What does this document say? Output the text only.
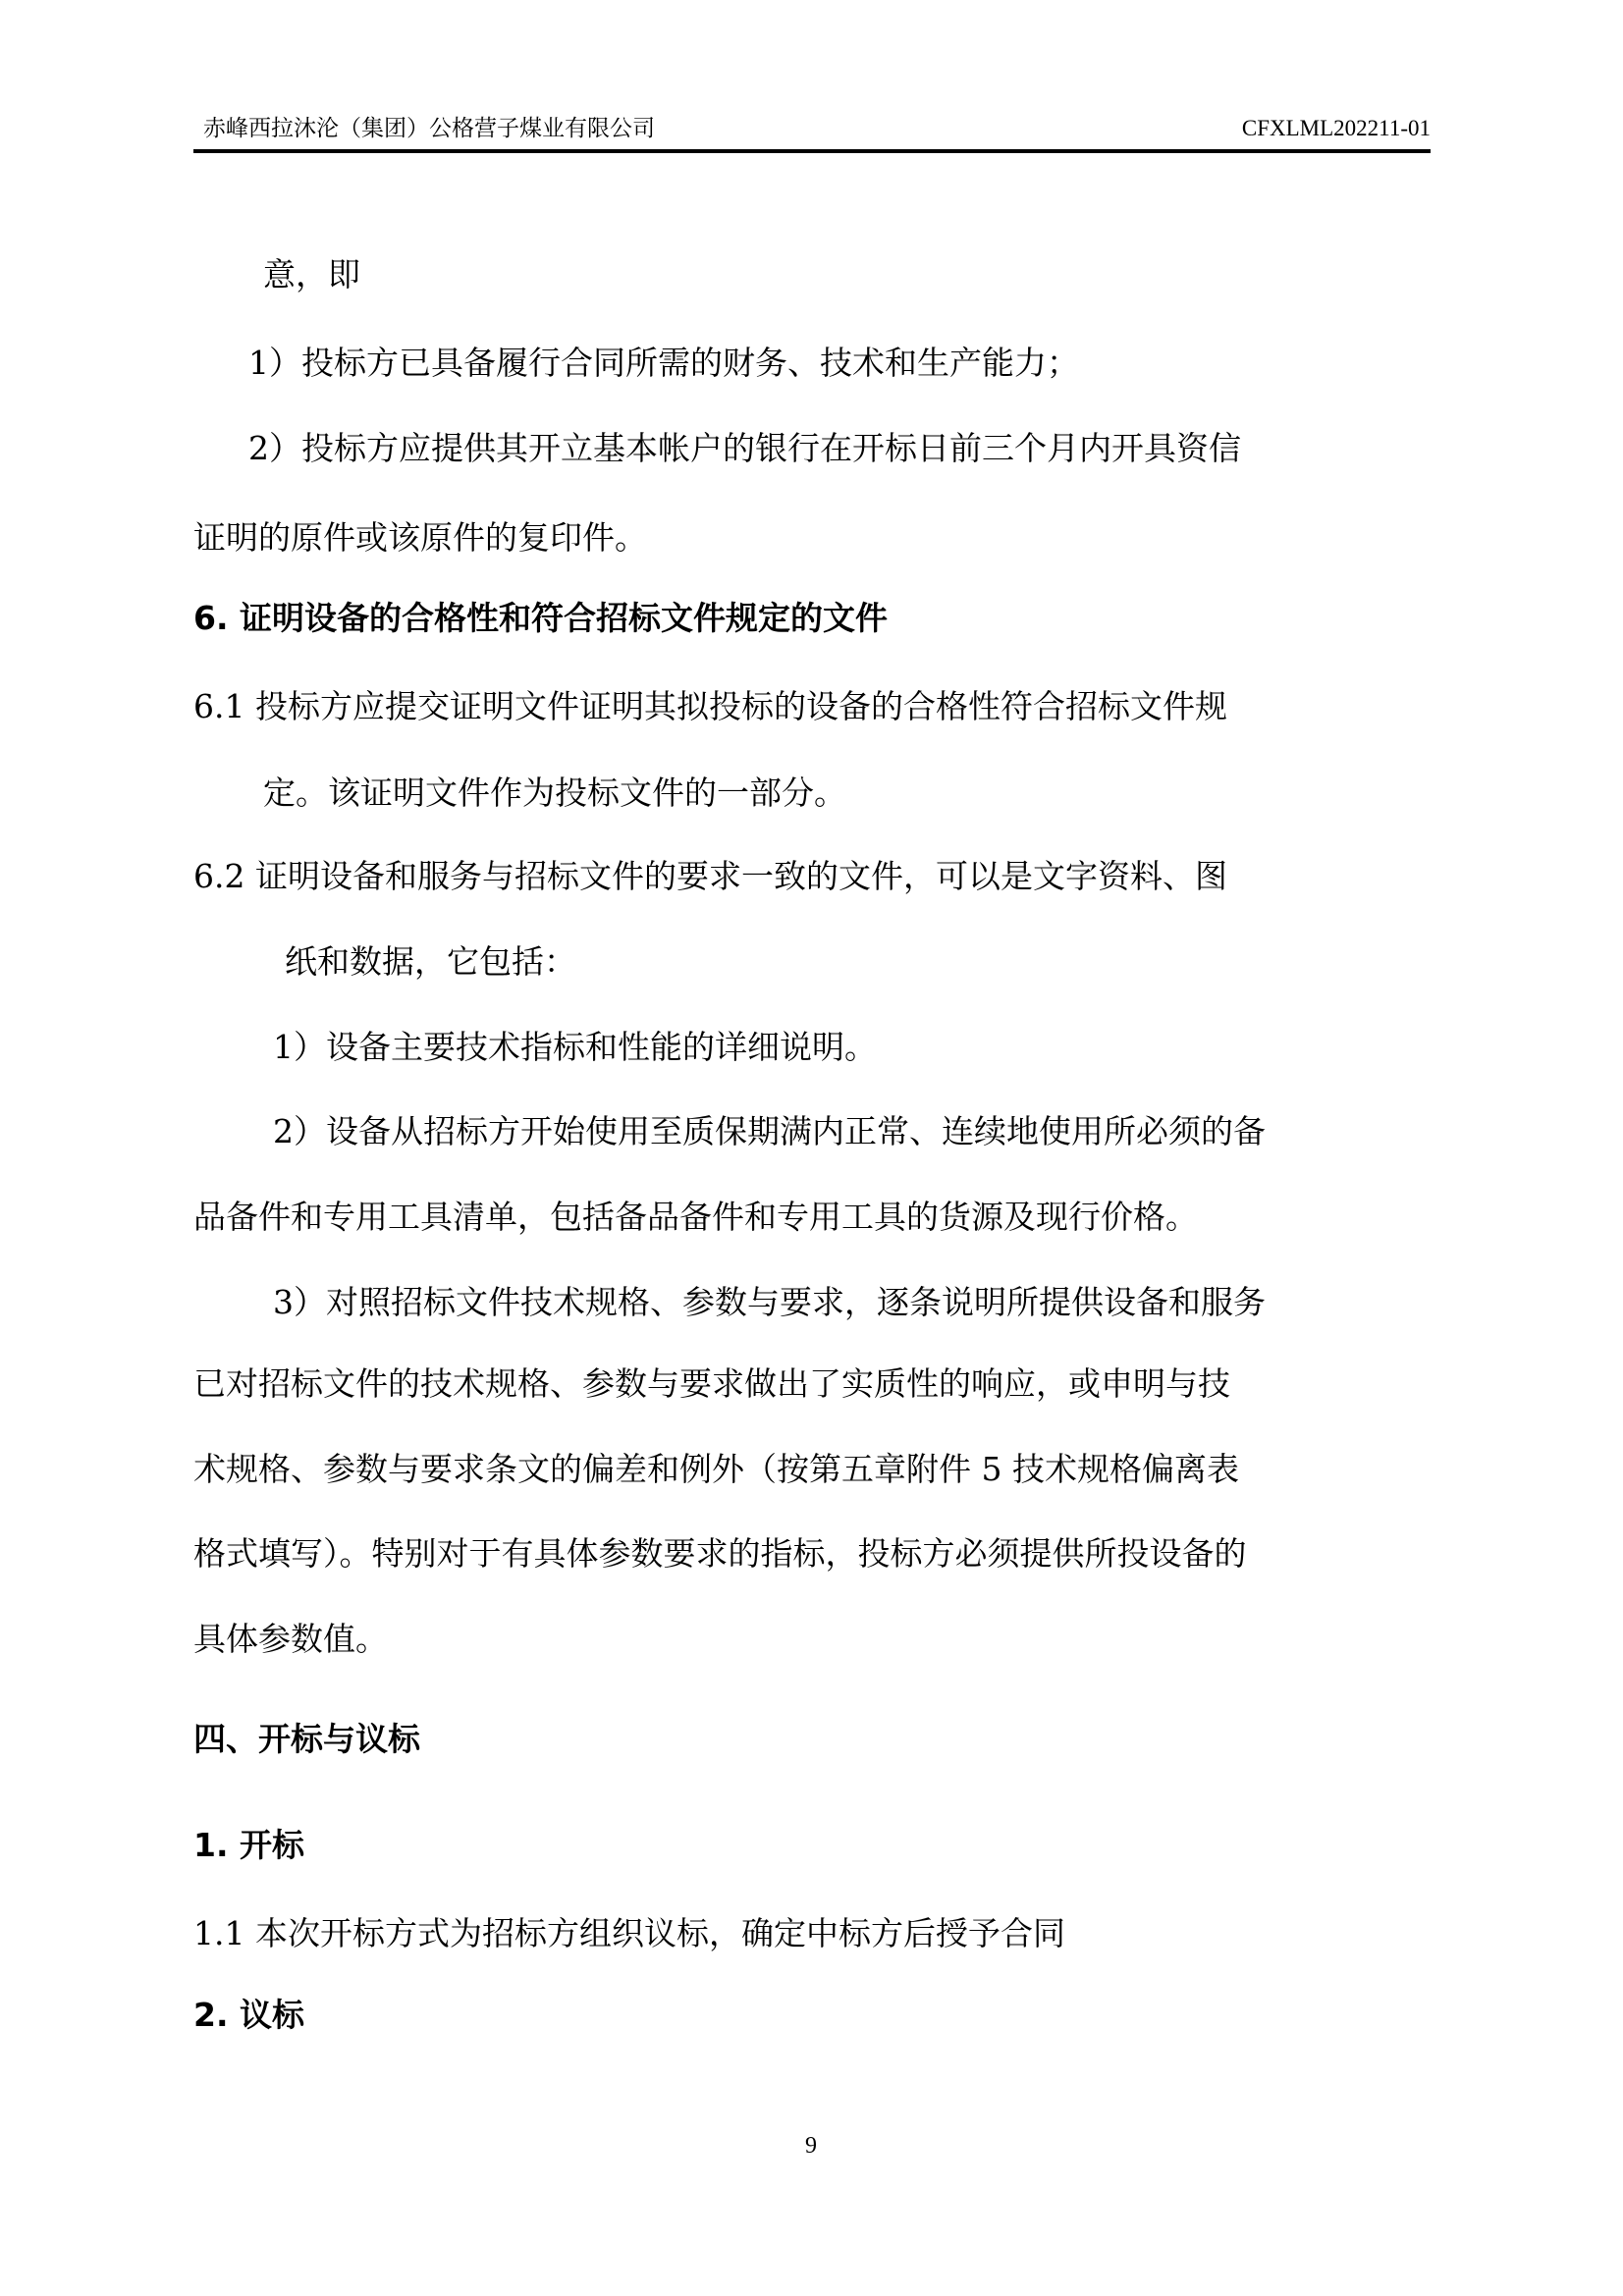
赤峰西拉沐沦（集团）公格营子煤业有限公司	CFXLML202211-01
意，即
1）投标方已具备履行合同所需的财务、技术和生产能力；
2）投标方应提供其开立基本帐户的银行在开标日前三个月内开具资信
证明的原件或该原件的复印件。
6. 证明设备的合格性和符合招标文件规定的文件
6.1 投标方应提交证明文件证明其拟投标的设备的合格性符合招标文件规
定。该证明文件作为投标文件的一部分。
6.2 证明设备和服务与招标文件的要求一致的文件，可以是文字资料、图
纸和数据，它包括：
1）设备主要技术指标和性能的详细说明。
2）设备从招标方开始使用至质保期满内正常、连续地使用所必须的备
品备件和专用工具清单，包括备品备件和专用工具的货源及现行价格。
3）对照招标文件技术规格、参数与要求，逐条说明所提供设备和服务
已对招标文件的技术规格、参数与要求做出了实质性的响应，或申明与技
术规格、参数与要求条文的偏差和例外（按第五章附件 5 技术规格偏离表
格式填写）。特别对于有具体参数要求的指标，投标方必须提供所投设备的
具体参数值。
四、开标与议标
1. 开标
1.1 本次开标方式为招标方组织议标，确定中标方后授予合同
2. 议标
9
